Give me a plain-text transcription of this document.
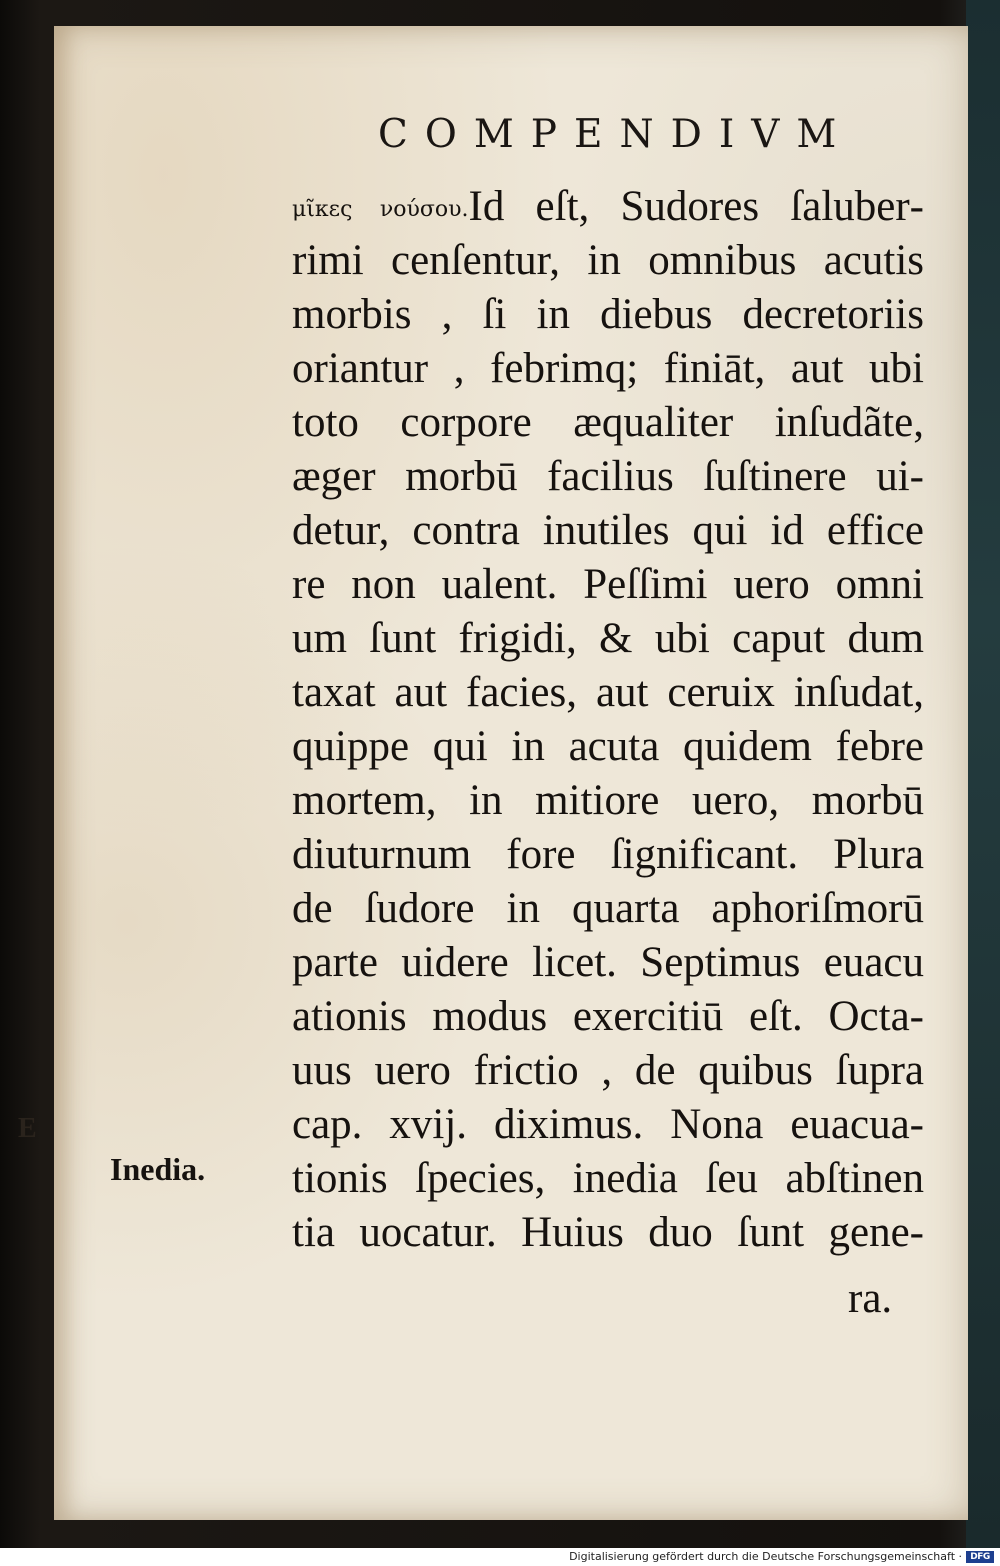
COMPENDIVM
μῖκες νούσου.Id eſt, Sudores ſaluber‑
rimi cenſentur, in omnibus acutis
morbis , ſi in diebus decretoriis
oriantur , febrimq; finiāt, aut ubi
toto corpore æqualiter inſudãte,
æger morbū facilius ſuſtinere ui‑
detur, contra inutiles qui id effice
re non ualent. Peſſimi uero omni
um ſunt frigidi, & ubi caput dum
taxat aut facies, aut ceruix inſudat,
quippe qui in acuta quidem febre
mortem, in mitiore uero, morbū
diuturnum fore ſignificant. Plura
de ſudore in quarta aphoriſmorū
parte uidere licet. Septimus euacu
ationis modus exercitiū eſt. Octa‑
uus uero frictio , de quibus ſupra
cap. xvij. diximus. Nona euacua‑
tionis ſpecies, inedia ſeu abſtinen
tia uocatur. Huius duo ſunt gene‑
ra.
Inedia.
E
Digitalisierung gefördert durch die Deutsche Forschungsgemeinschaft · DFG
